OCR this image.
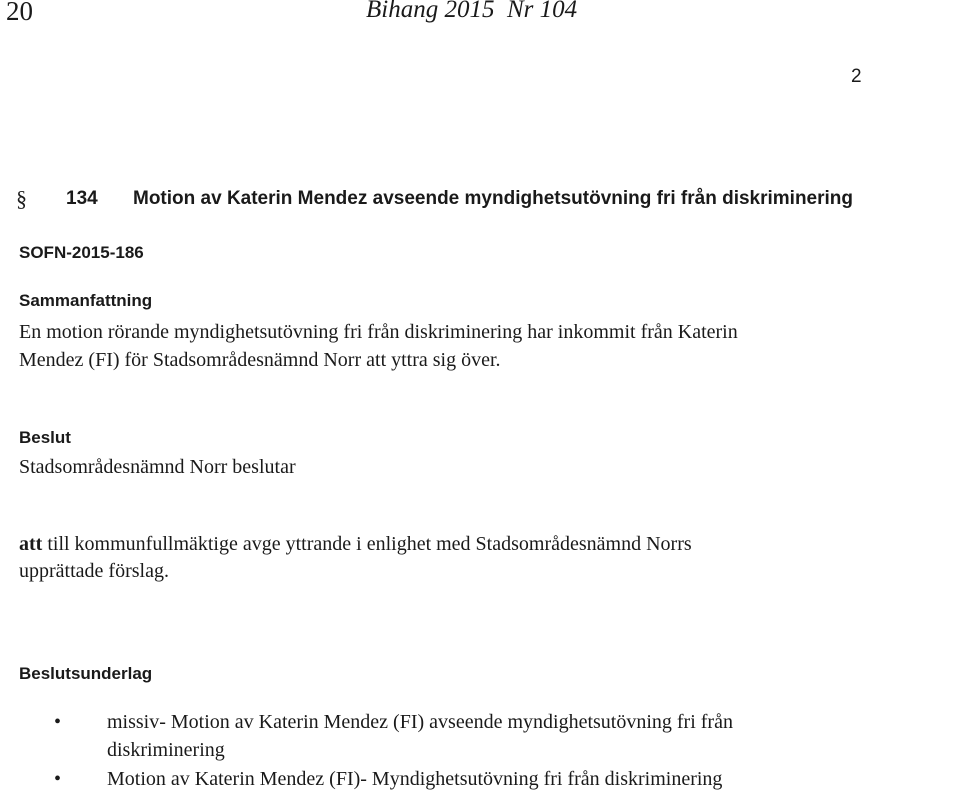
20	Bihang 2015 Nr 104
2
§ 134 Motion av Katerin Mendez avseende myndighetsutövning fri från diskriminering
SOFN-2015-186
Sammanfattning
En motion rörande myndighetsutövning fri från diskriminering har inkommit från Katerin
Mendez (FI) för Stadsområdesnämnd Norr att yttra sig över.
Beslut
Stadsområdesnämnd Norr beslutar
att till kommunfullmäktige avge yttrande i enlighet med Stadsområdesnämnd Norrs
upprättade förslag.
Beslutsunderlag
• missiv- Motion av Katerin Mendez (FI) avseende myndighetsutövning fri från
diskriminering
• Motion av Katerin Mendez (FI)- Myndighetsutövning fri från diskriminering
